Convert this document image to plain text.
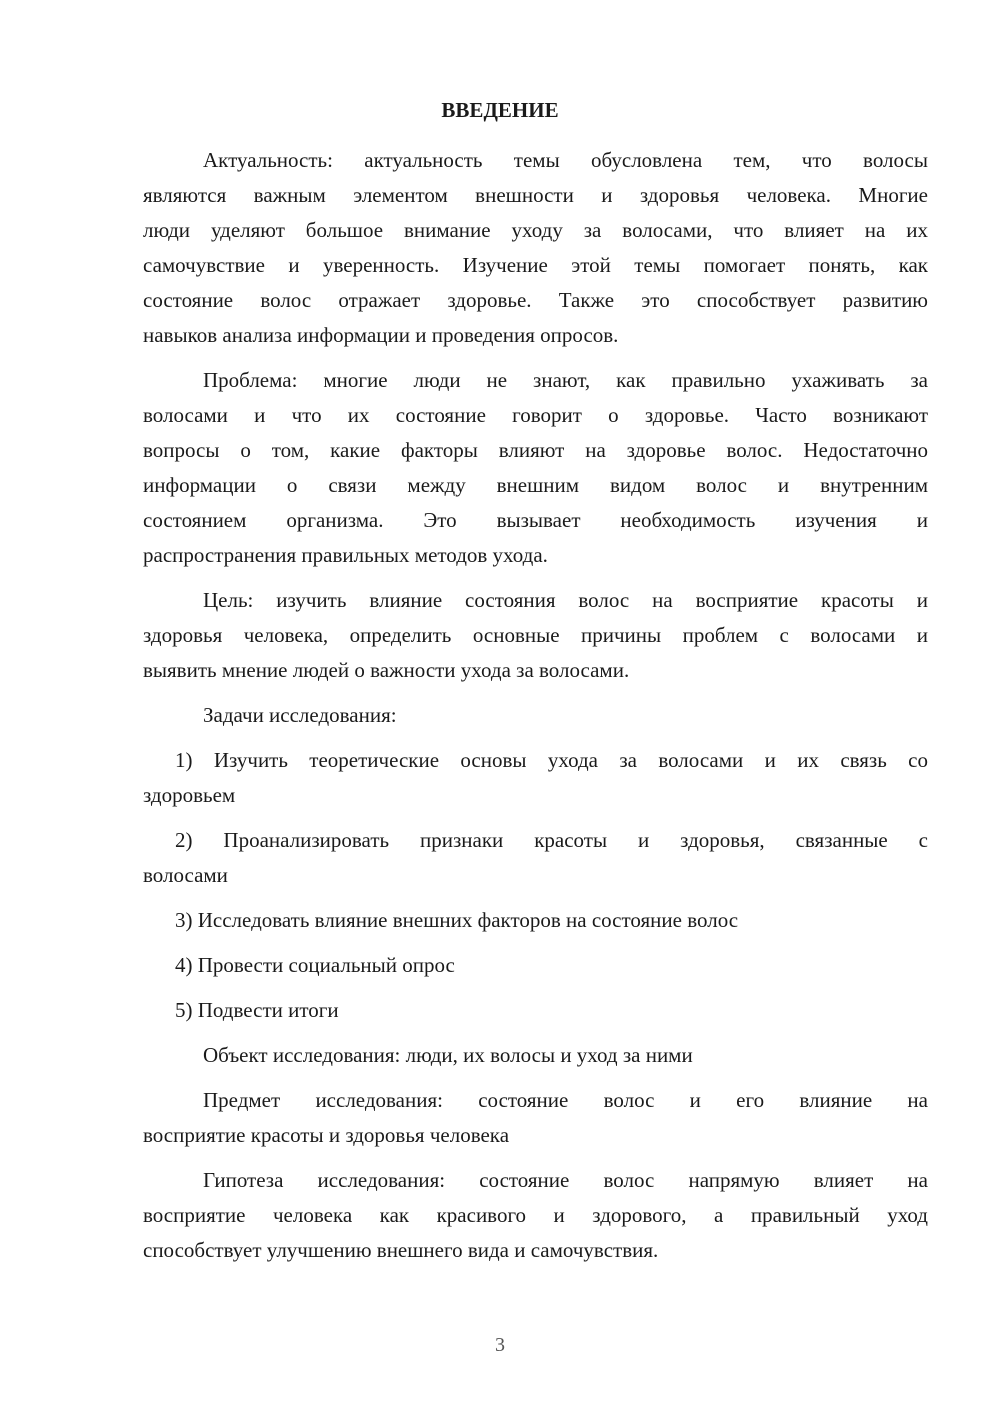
ВВЕДЕНИЕ
Актуальность: актуальность темы обусловлена тем, что волосы
являются важным элементом внешности и здоровья человека. Многие
люди уделяют большое внимание уходу за волосами, что влияет на их
самочувствие и уверенность. Изучение этой темы помогает понять, как
состояние волос отражает здоровье. Также это способствует развитию
навыков анализа информации и проведения опросов.
Проблема: многие люди не знают, как правильно ухаживать за
волосами и что их состояние говорит о здоровье. Часто возникают
вопросы о том, какие факторы влияют на здоровье волос. Недостаточно
информации о связи между внешним видом волос и внутренним
состоянием организма. Это вызывает необходимость изучения и
распространения правильных методов ухода.
Цель: изучить влияние состояния волос на восприятие красоты и
здоровья человека, определить основные причины проблем с волосами и
выявить мнение людей о важности ухода за волосами.
Задачи исследования:
1) Изучить теоретические основы ухода за волосами и их связь со
здоровьем
2) Проанализировать признаки красоты и здоровья, связанные с
волосами
3) Исследовать влияние внешних факторов на состояние волос
4) Провести социальный опрос
5) Подвести итоги
Объект исследования: люди, их волосы и уход за ними
Предмет исследования: состояние волос и его влияние на
восприятие красоты и здоровья человека
Гипотеза исследования: состояние волос напрямую влияет на
восприятие человека как красивого и здорового, а правильный уход
способствует улучшению внешнего вида и самочувствия.
3
